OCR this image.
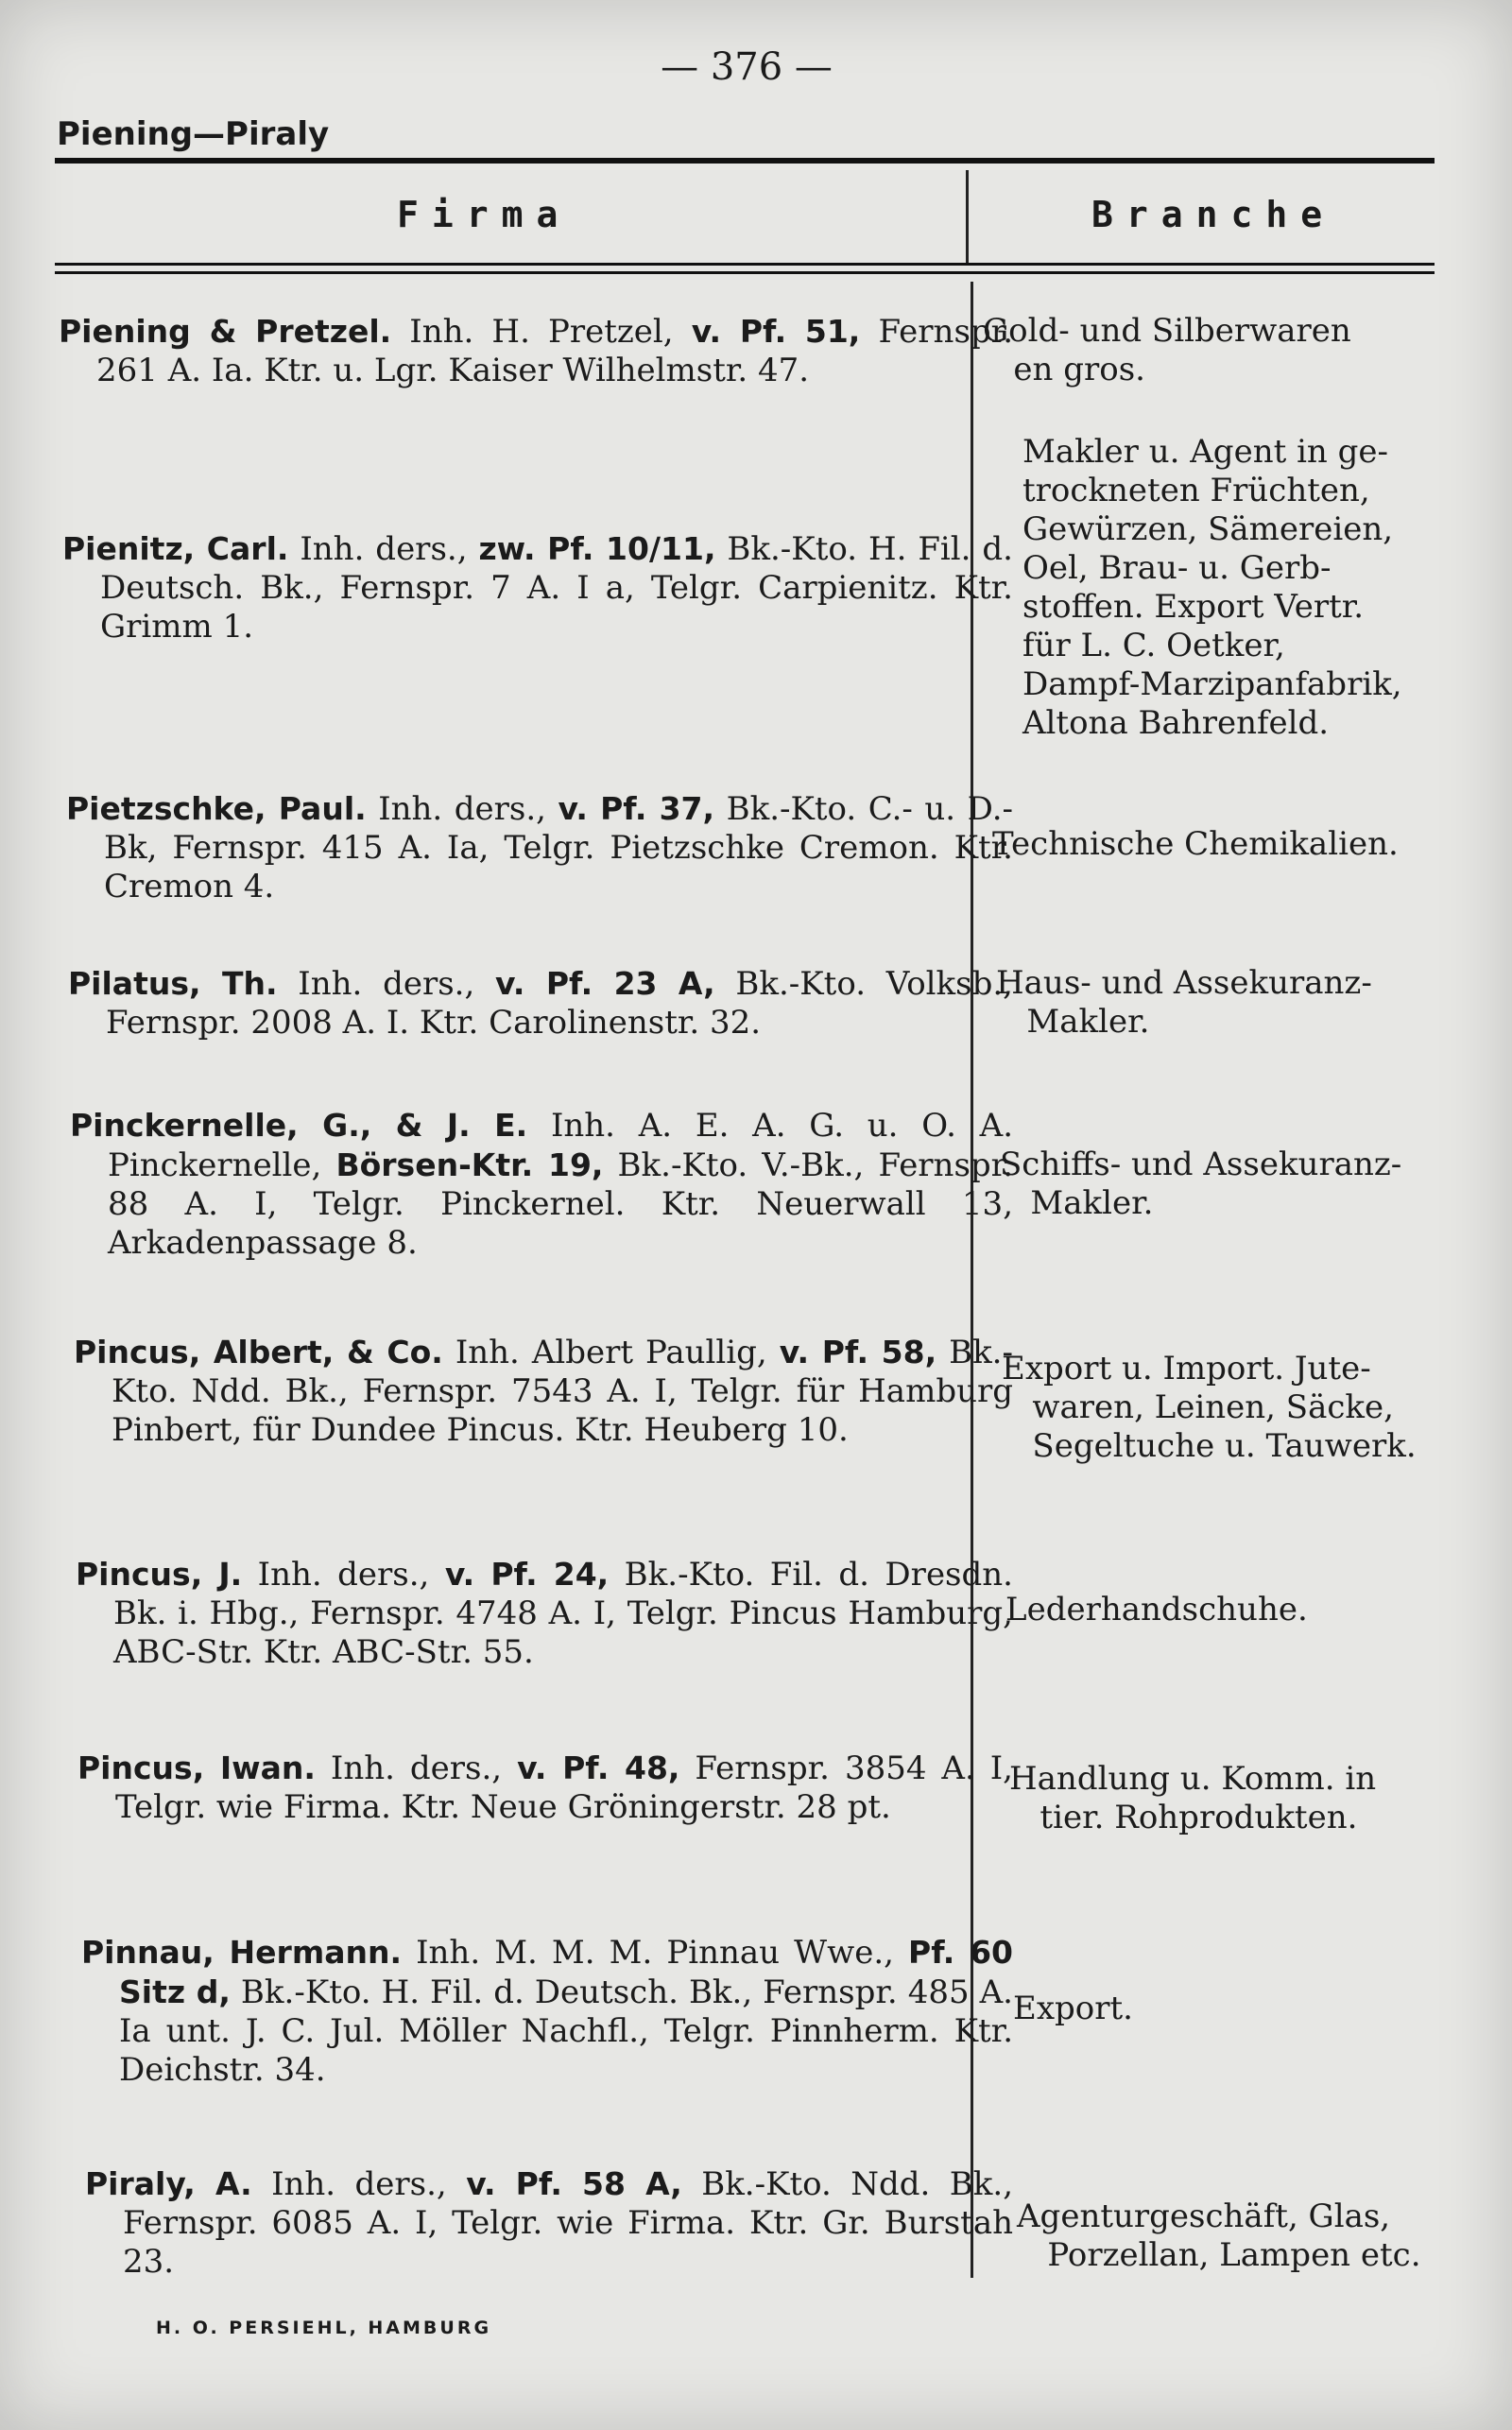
— 376 —
Piening—Piraly
Firma	Branche
Piening & Pretzel. Inh. H. Pretzel, v. Pf. 51, Fernspr. 261 A. Ia. Ktr. u. Lgr. Kaiser Wilhelmstr. 47.
Gold- und Silberwaren
en gros.
Pienitz, Carl. Inh. ders., zw. Pf. 10/11, Bk.-Kto. H. Fil. d. Deutsch. Bk., Fernspr. 7 A. I a, Telgr. Carpienitz. Ktr. Grimm 1.
Makler u. Agent in ge-
trockneten Früchten,
Gewürzen, Sämereien,
Oel, Brau- u. Gerb-
stoffen. Export Vertr.
für L. C. Oetker,
Dampf-Marzipanfabrik,
Altona Bahrenfeld.
Pietzschke, Paul. Inh. ders., v. Pf. 37, Bk.-Kto. C.- u. D.-Bk, Fernspr. 415 A. Ia, Telgr. Pietzschke Cremon. Ktr. Cremon 4.
Technische Chemikalien.
Pilatus, Th. Inh. ders., v. Pf. 23 A, Bk.-Kto. Volksb., Fernspr. 2008 A. I. Ktr. Carolinenstr. 32.
Haus- und Assekuranz-
Makler.
Pinckernelle, G., & J. E. Inh. A. E. A. G. u. O. A. Pinckernelle, Börsen-Ktr. 19, Bk.-Kto. V.-Bk., Fernspr. 88 A. I, Telgr. Pinckernel. Ktr. Neuerwall 13, Arkadenpassage 8.
Schiffs- und Assekuranz-
Makler.
Pincus, Albert, & Co. Inh. Albert Paullig, v. Pf. 58, Bk.-Kto. Ndd. Bk., Fernspr. 7543 A. I, Telgr. für Hamburg Pinbert, für Dundee Pincus. Ktr. Heuberg 10.
Export u. Import. Jute-
waren, Leinen, Säcke,
Segeltuche u. Tauwerk.
Pincus, J. Inh. ders., v. Pf. 24, Bk.-Kto. Fil. d. Dresdn. Bk. i. Hbg., Fernspr. 4748 A. I, Telgr. Pincus Hamburg, ABC-Str. Ktr. ABC-Str. 55.
Lederhandschuhe.
Pincus, Iwan. Inh. ders., v. Pf. 48, Fernspr. 3854 A. I, Telgr. wie Firma. Ktr. Neue Gröningerstr. 28 pt.
Handlung u. Komm. in
tier. Rohprodukten.
Pinnau, Hermann. Inh. M. M. M. Pinnau Wwe., Pf. 60 Sitz d, Bk.-Kto. H. Fil. d. Deutsch. Bk., Fernspr. 485 A. Ia unt. J. C. Jul. Möller Nachfl., Telgr. Pinnherm. Ktr. Deichstr. 34.
Export.
Piraly, A. Inh. ders., v. Pf. 58 A, Bk.-Kto. Ndd. Bk., Fernspr. 6085 A. I, Telgr. wie Firma. Ktr. Gr. Burstah 23.
Agenturgeschäft, Glas,
Porzellan, Lampen etc.
H. O. PERSIEHL, HAMBURG
